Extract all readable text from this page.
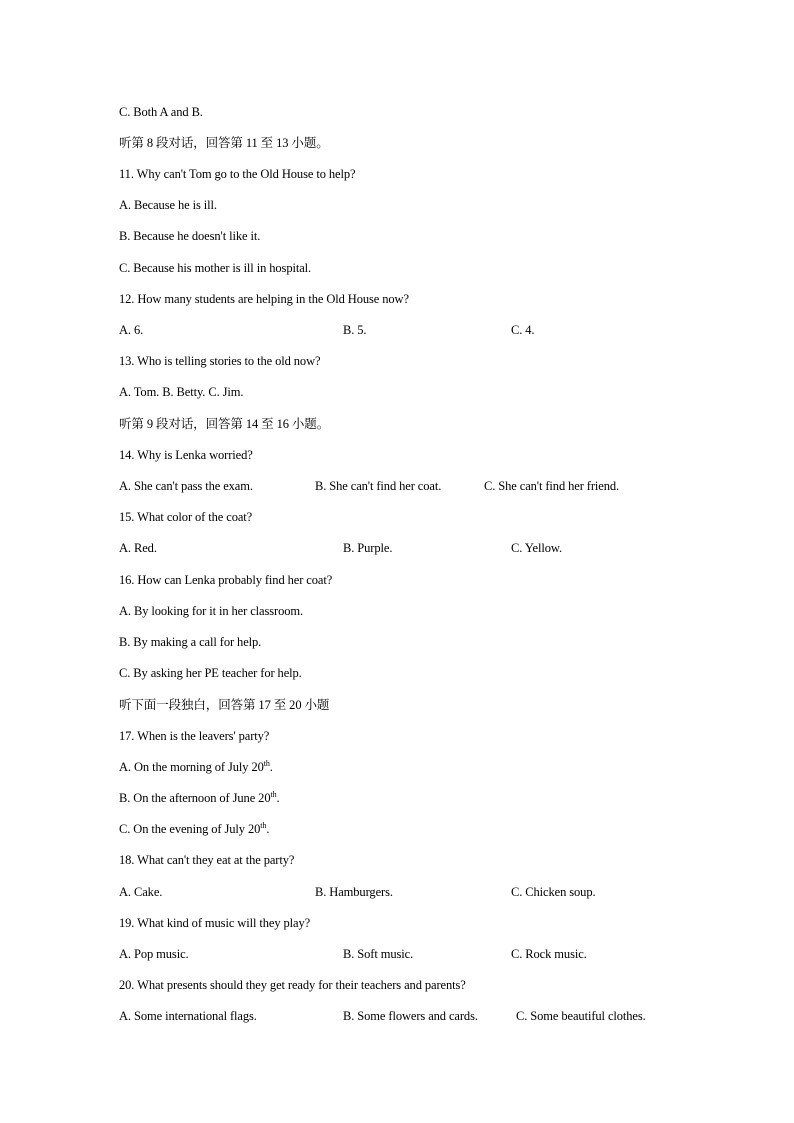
C. Both A and B.
听第 8 段对话，回答第 11 至 13 小题。
11. Why can't Tom go to the Old House to help?
A. Because he is ill.
B. Because he doesn't like it.
C. Because his mother is ill in hospital.
12. How many students are helping in the Old House now?
A. 6.	B. 5.	C. 4.
13. Who is telling stories to the old now?
A. Tom. B. Betty. C. Jim.
听第 9 段对话，回答第 14 至 16 小题。
14. Why is Lenka worried?
A. She can't pass the exam.	B. She can't find her coat.	C. She can't find her friend.
15. What color of the coat?
A. Red.	B. Purple.	C. Yellow.
16. How can Lenka probably find her coat?
A. By looking for it in her classroom.
B. By making a call for help.
C. By asking her PE teacher for help.
听下面一段独白，回答第 17 至 20 小题
17. When is the leavers' party?
A. On the morning of July 20th.
B. On the afternoon of June 20th.
C. On the evening of July 20th.
18. What can't they eat at the party?
A. Cake.	B. Hamburgers.	C. Chicken soup.
19. What kind of music will they play?
A. Pop music.	B. Soft music.	C. Rock music.
20. What presents should they get ready for their teachers and parents?
A. Some international flags.	B. Some flowers and cards.	C. Some beautiful clothes.
